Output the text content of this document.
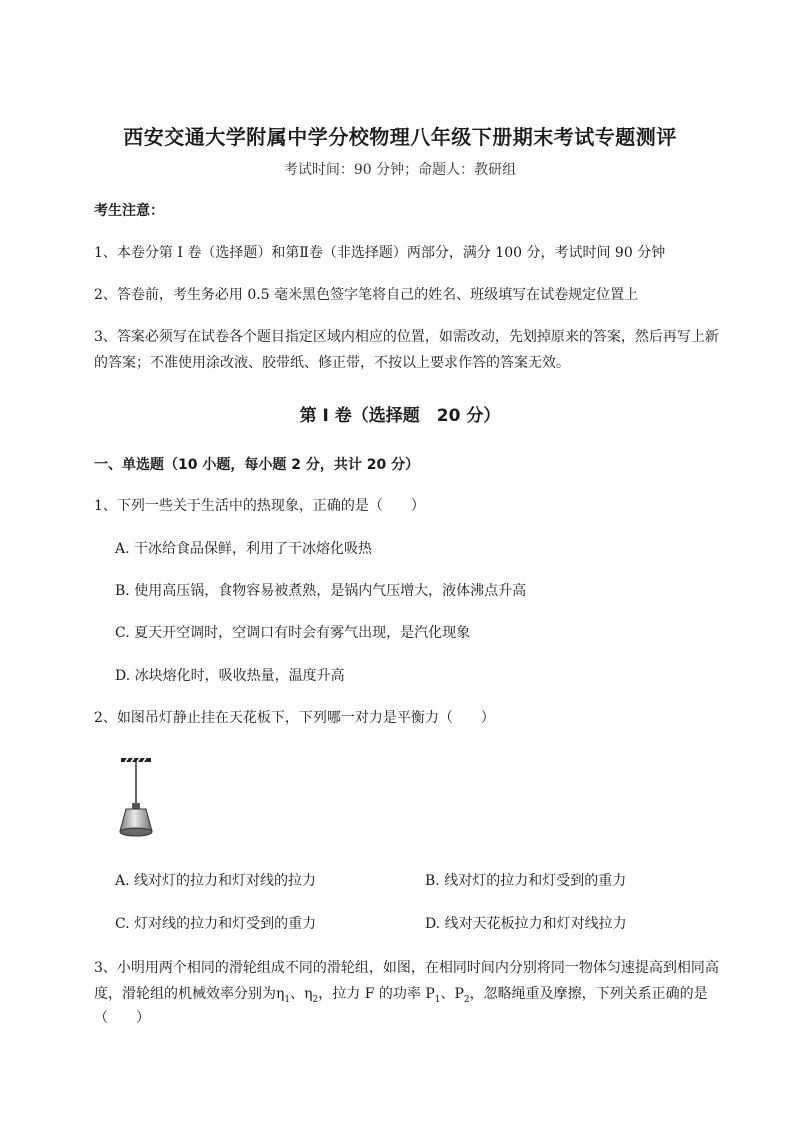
西安交通大学附属中学分校物理八年级下册期末考试专题测评
考试时间：90 分钟；命题人：教研组
考生注意：
1、本卷分第 I 卷（选择题）和第Ⅱ卷（非选择题）两部分，满分 100 分，考试时间 90 分钟
2、答卷前，考生务必用 0.5 毫米黑色签字笔将自己的姓名、班级填写在试卷规定位置上
3、答案必须写在试卷各个题目指定区域内相应的位置，如需改动，先划掉原来的答案，然后再写上新
的答案；不准使用涂改液、胶带纸、修正带，不按以上要求作答的答案无效。
第 I 卷（选择题　20 分）
一、单选题（10 小题，每小题 2 分，共计 20 分）
1、下列一些关于生活中的热现象，正确的是（　　）
A. 干冰给食品保鲜，利用了干冰熔化吸热
B. 使用高压锅，食物容易被煮熟，是锅内气压增大，液体沸点升高
C. 夏天开空调时，空调口有时会有雾气出现，是汽化现象
D. 冰块熔化时，吸收热量，温度升高
2、如图吊灯静止挂在天花板下，下列哪一对力是平衡力（　　）
A. 线对灯的拉力和灯对线的拉力	B. 线对灯的拉力和灯受到的重力
C. 灯对线的拉力和灯受到的重力	D. 线对天花板拉力和灯对线拉力
3、小明用两个相同的滑轮组成不同的滑轮组，如图，在相同时间内分别将同一物体匀速提高到相同高
度，滑轮组的机械效率分别为$\eta_1$、$\eta_2$，拉力 F 的功率 $P_1$、$P_2$，忽略绳重及摩擦，下列关系正确的是
（　　）
